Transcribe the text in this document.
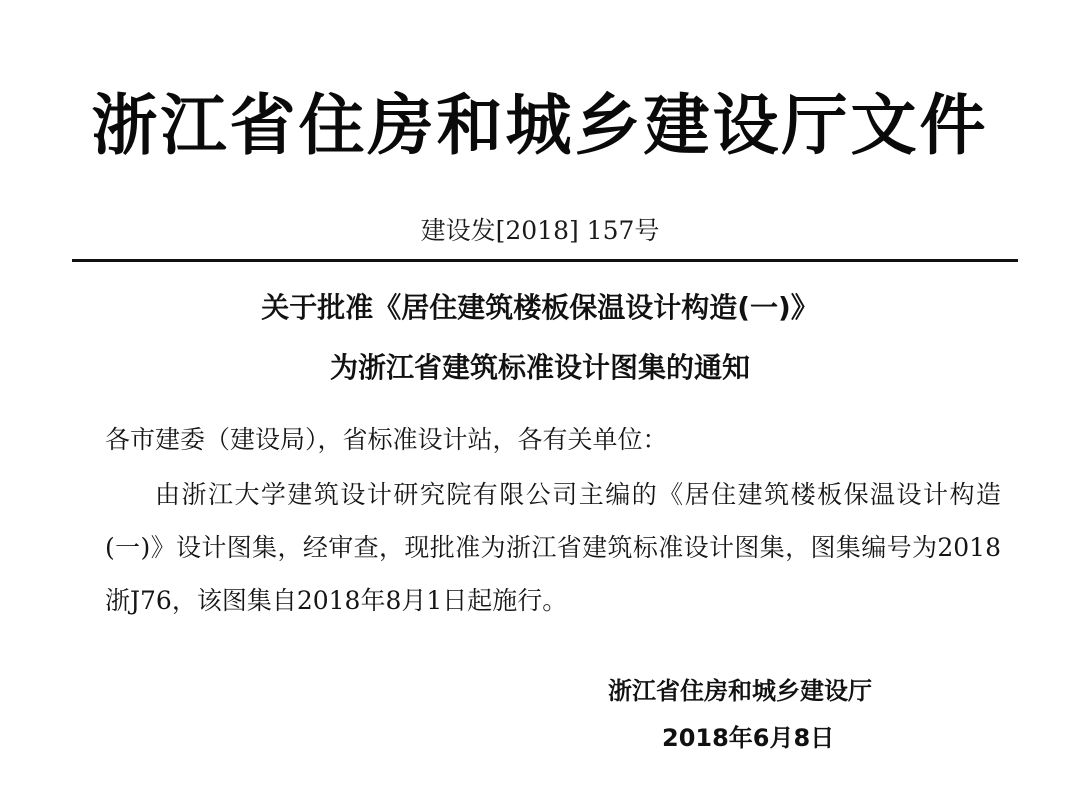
浙江省住房和城乡建设厅文件
建设发[2018] 157号
关于批准《居住建筑楼板保温设计构造(一)》
为浙江省建筑标准设计图集的通知
各市建委（建设局），省标准设计站，各有关单位：
由浙江大学建筑设计研究院有限公司主编的《居住建筑楼板保温设计构造(一)》设计图集，经审查，现批准为浙江省建筑标准设计图集，图集编号为2018浙J76，该图集自2018年8月1日起施行。
浙江省住房和城乡建设厅
2018年6月8日
